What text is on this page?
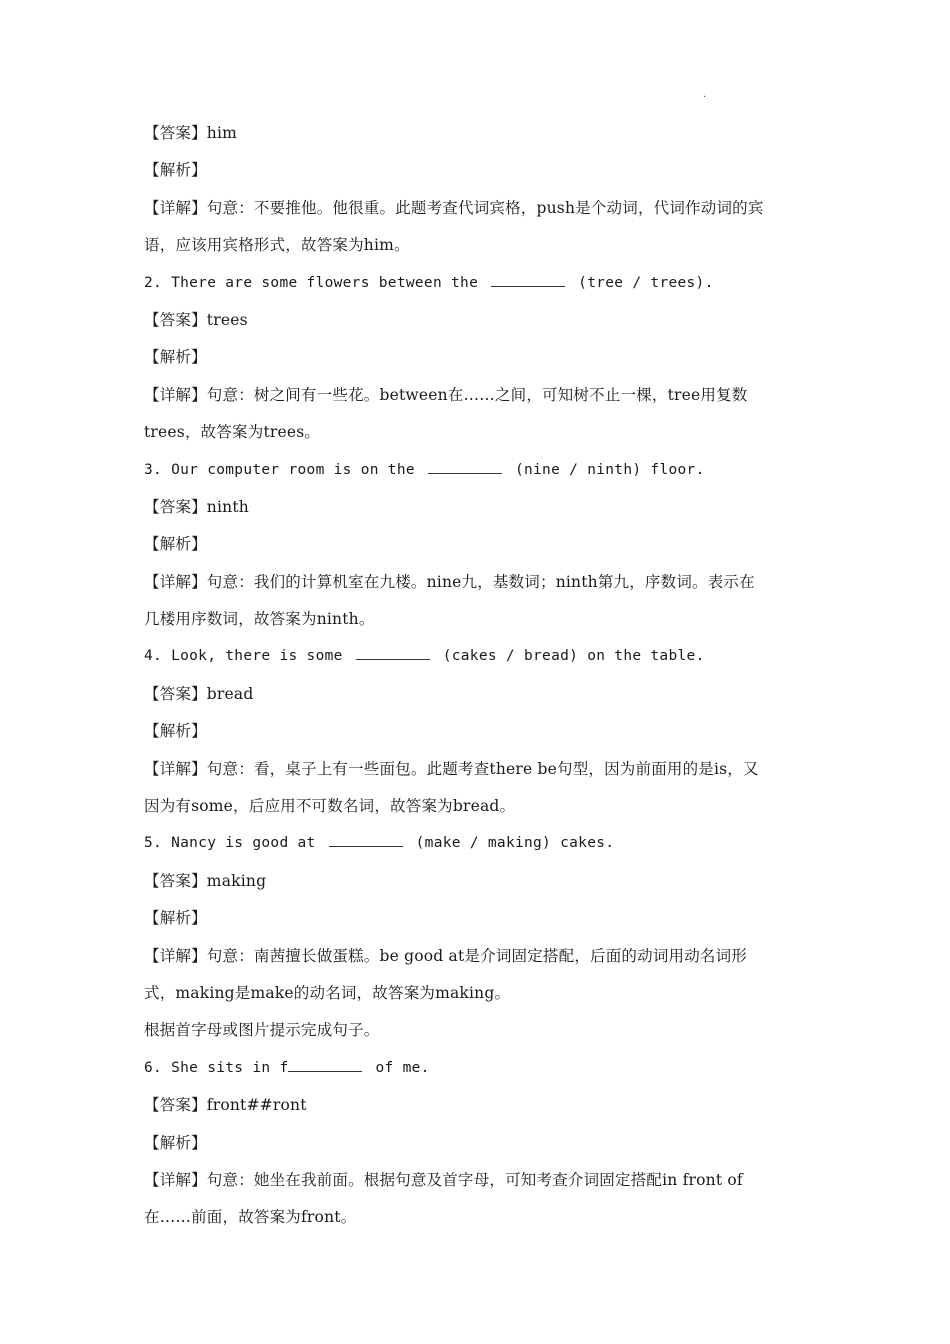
·
【答案】him
【解析】
【详解】句意：不要推他。他很重。此题考查代词宾格，push是个动词，代词作动词的宾
语，应该用宾格形式，故答案为him。
2. There are some flowers between the	(tree / trees).
【答案】trees
【解析】
【详解】句意：树之间有一些花。between在……之间，可知树不止一棵，tree用复数
trees，故答案为trees。
3. Our computer room is on the	(nine / ninth) floor.
【答案】ninth
【解析】
【详解】句意：我们的计算机室在九楼。nine九，基数词；ninth第九，序数词。表示在
几楼用序数词，故答案为ninth。
4. Look, there is some	(cakes / bread) on the table.
【答案】bread
【解析】
【详解】句意：看，桌子上有一些面包。此题考查there be句型，因为前面用的是is，又
因为有some，后应用不可数名词，故答案为bread。
5. Nancy is good at	(make / making) cakes.
【答案】making
【解析】
【详解】句意：南茜擅长做蛋糕。be good at是介词固定搭配，后面的动词用动名词形
式，making是make的动名词，故答案为making。
根据首字母或图片提示完成句子。
6. She sits in f	of me.
【答案】front##ront
【解析】
【详解】句意：她坐在我前面。根据句意及首字母，可知考查介词固定搭配in front of
在……前面，故答案为front。
